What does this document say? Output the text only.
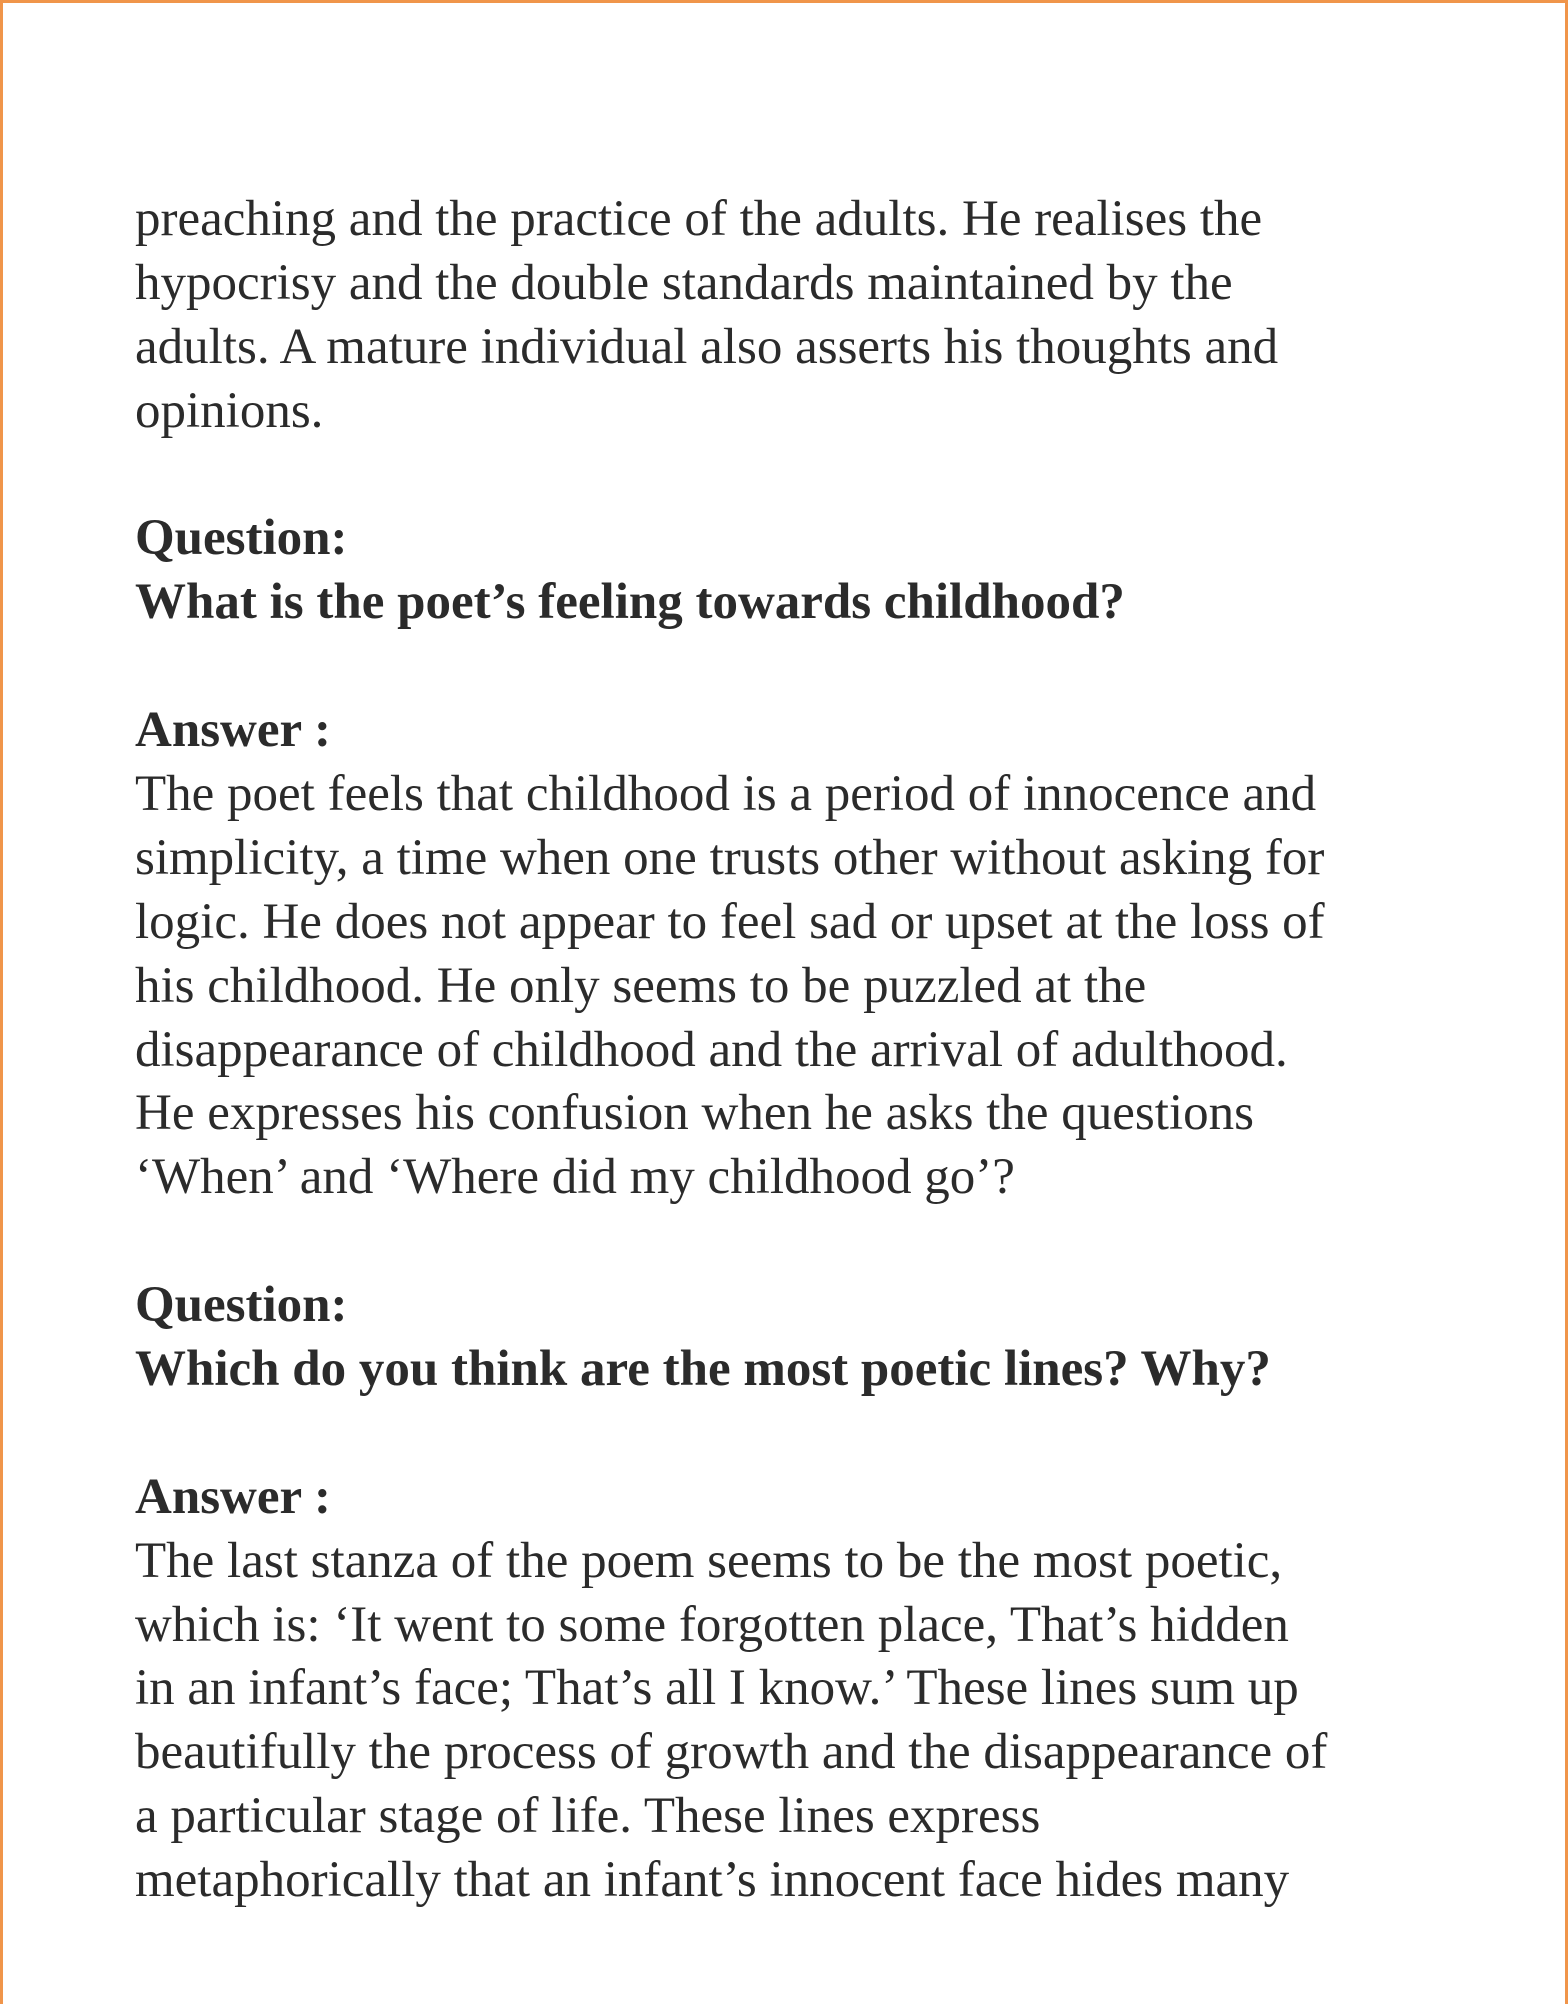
preaching and the practice of the adults. He realises the
hypocrisy and the double standards maintained by the
adults. A mature individual also asserts his thoughts and
opinions.
Question:
What is the poet’s feeling towards childhood?
Answer :
The poet feels that childhood is a period of innocence and
simplicity, a time when one trusts other without asking for
logic. He does not appear to feel sad or upset at the loss of
his childhood. He only seems to be puzzled at the
disappearance of childhood and the arrival of adulthood.
He expresses his confusion when he asks the questions
‘When’ and ‘Where did my childhood go’?
Question:
Which do you think are the most poetic lines? Why?
Answer :
The last stanza of the poem seems to be the most poetic,
which is: ‘It went to some forgotten place, That’s hidden
in an infant’s face; That’s all I know.’ These lines sum up
beautifully the process of growth and the disappearance of
a particular stage of life. These lines express
metaphorically that an infant’s innocent face hides many
